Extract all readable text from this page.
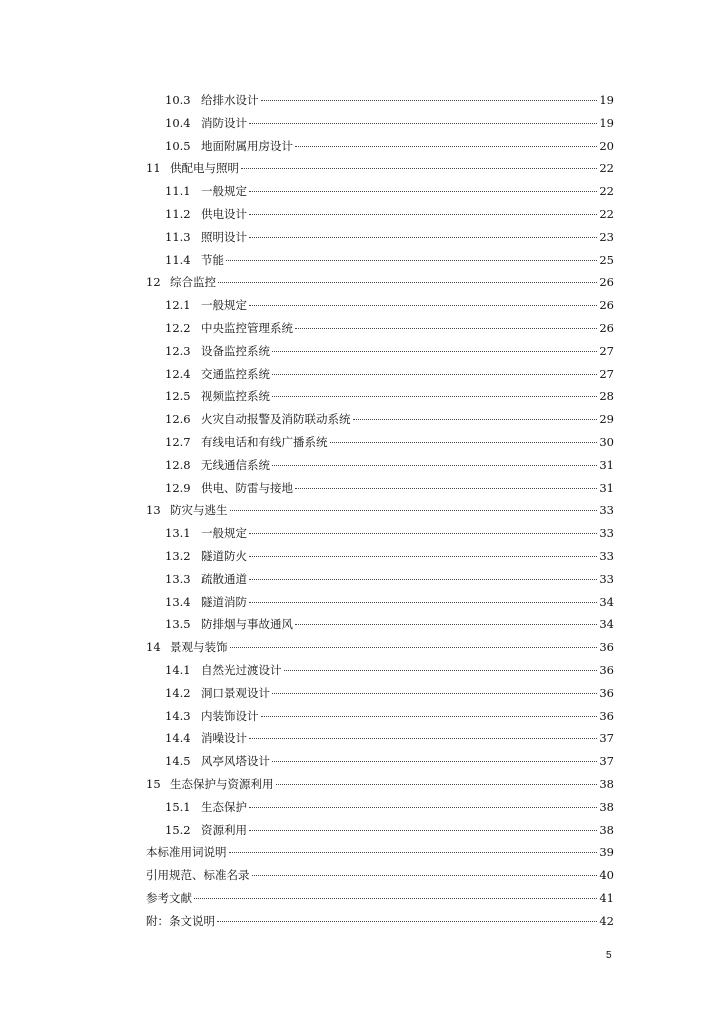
10.3 给排水设计	19
10.4 消防设计	19
10.5 地面附属用房设计	20
11 供配电与照明	22
11.1 一般规定	22
11.2 供电设计	22
11.3 照明设计	23
11.4 节能	25
12 综合监控	26
12.1 一般规定	26
12.2 中央监控管理系统	26
12.3 设备监控系统	27
12.4 交通监控系统	27
12.5 视频监控系统	28
12.6 火灾自动报警及消防联动系统	29
12.7 有线电话和有线广播系统	30
12.8 无线通信系统	31
12.9 供电、防雷与接地	31
13 防灾与逃生	33
13.1 一般规定	33
13.2 隧道防火	33
13.3 疏散通道	33
13.4 隧道消防	34
13.5 防排烟与事故通风	34
14 景观与装饰	36
14.1 自然光过渡设计	36
14.2 洞口景观设计	36
14.3 内装饰设计	36
14.4 消噪设计	37
14.5 风亭风塔设计	37
15 生态保护与资源利用	38
15.1 生态保护	38
15.2 资源利用	38
本标准用词说明	39
引用规范、标准名录	40
参考文献	41
附：条文说明	42
5
